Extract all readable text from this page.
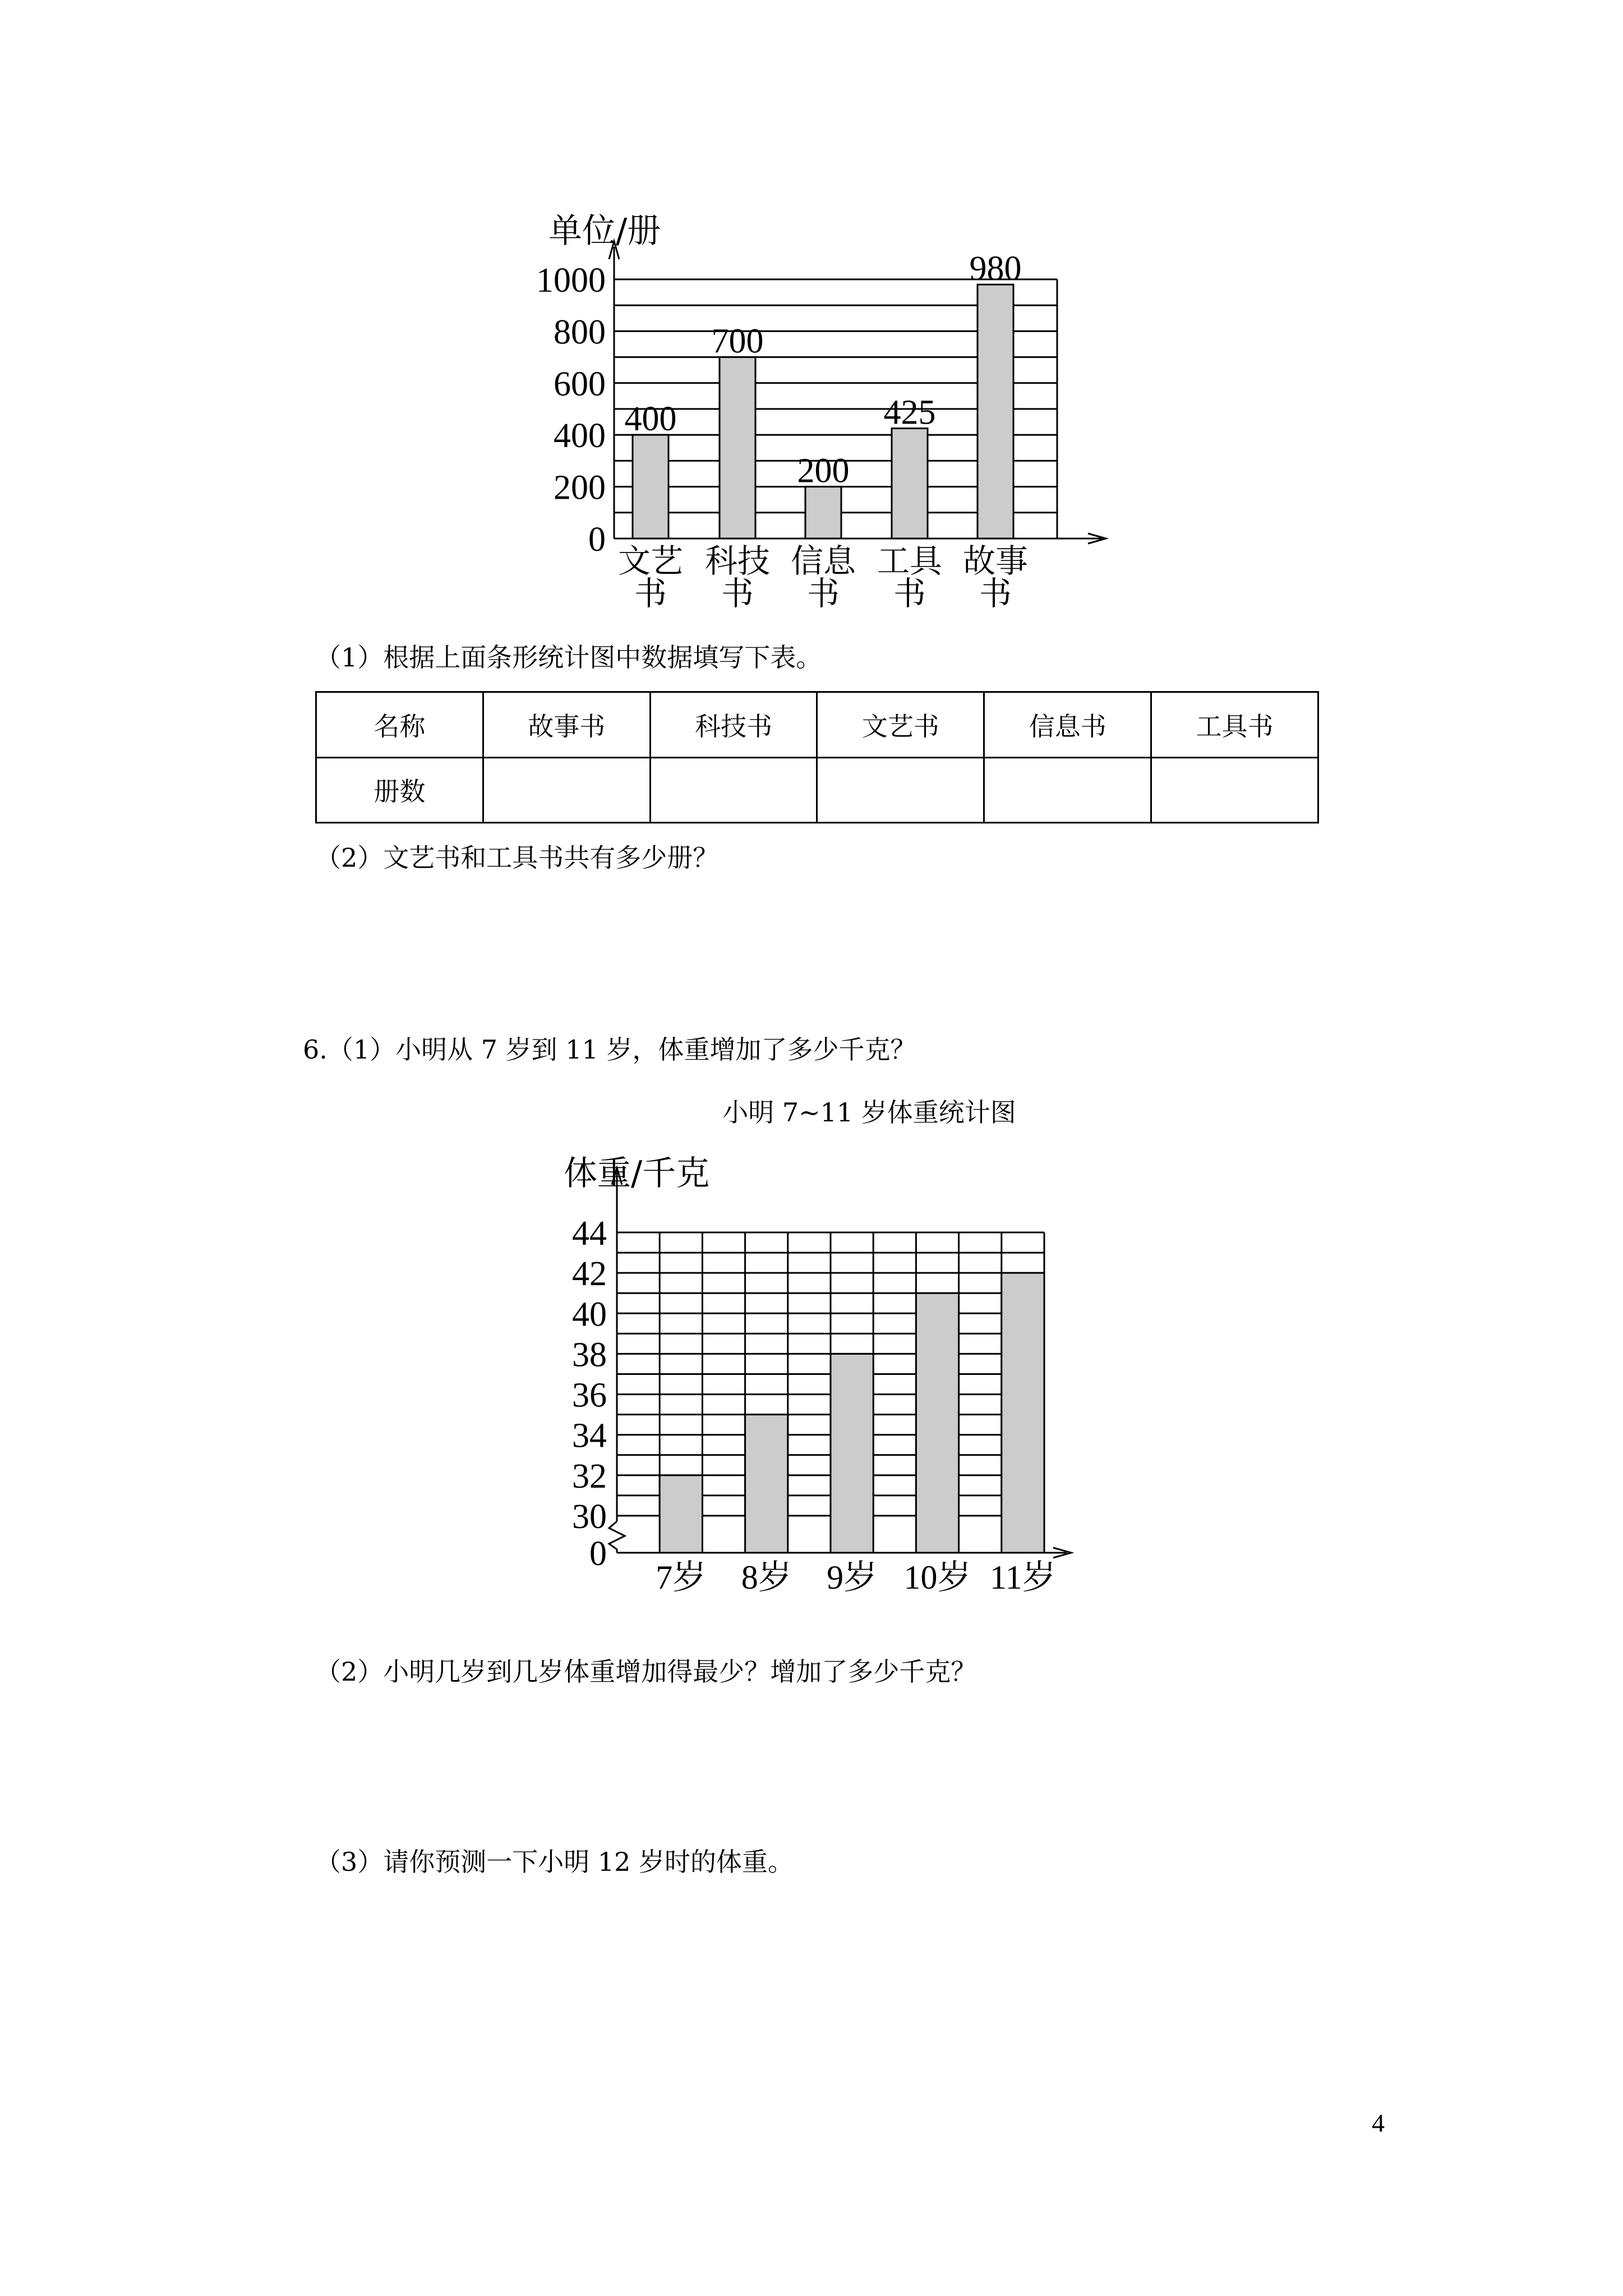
单位/册
0
200
400
600
800
1000
400
文艺
书
700
科技
书
200
信息
书
425
工具
书
980
故事
书
（1）根据上面条形统计图中数据填写下表。
名称	故事书	科技书	文艺书	信息书	工具书
册数					
（2）文艺书和工具书共有多少册？
6.（1）小明从 7 岁到 11 岁，体重增加了多少千克？
小明 7~11 岁体重统计图
7岁 8岁 9岁 10岁 11岁
体重/千克
0
30
32
34
36
38
40
42
44
（2）小明几岁到几岁体重增加得最少？增加了多少千克？
（3）请你预测一下小明 12 岁时的体重。
4
